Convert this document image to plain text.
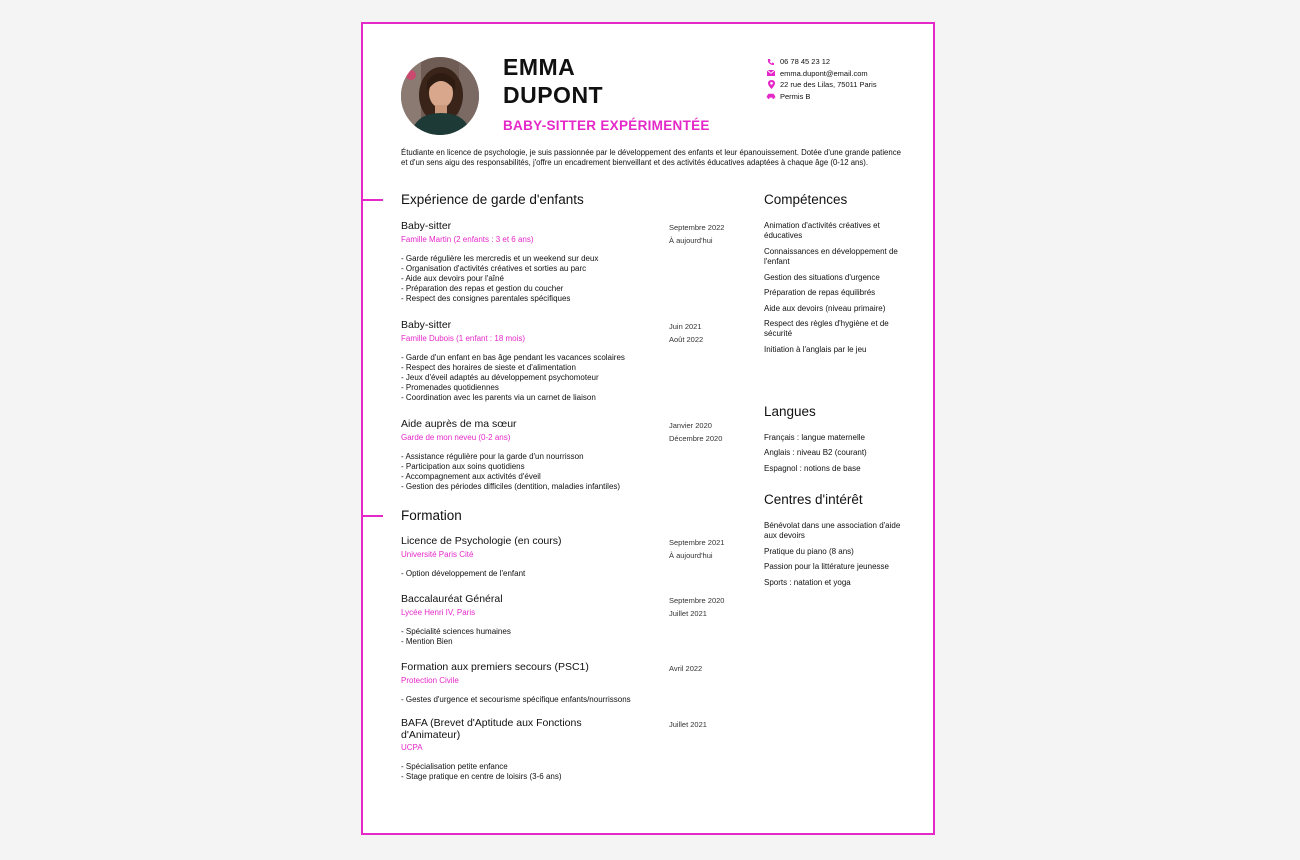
EMMA
DUPONT
BABY-SITTER EXPÉRIMENTÉE
06 78 45 23 12
emma.dupont@email.com
22 rue des Lilas, 75011 Paris
Permis B
Étudiante en licence de psychologie, je suis passionnée par le développement des enfants et leur épanouissement. Dotée d'une grande patience et d'un sens aigu des responsabilités, j'offre un encadrement bienveillant et des activités éducatives adaptées à chaque âge (0-12 ans).
Expérience de garde d'enfants
Baby-sitter
Famille Martin (2 enfants : 3 et 6 ans)
Septembre 2022
À aujourd'hui
- Garde régulière les mercredis et un weekend sur deux
- Organisation d'activités créatives et sorties au parc
- Aide aux devoirs pour l'aîné
- Préparation des repas et gestion du coucher
- Respect des consignes parentales spécifiques
Baby-sitter
Famille Dubois (1 enfant : 18 mois)
Juin 2021
Août 2022
- Garde d'un enfant en bas âge pendant les vacances scolaires
- Respect des horaires de sieste et d'alimentation
- Jeux d'éveil adaptés au développement psychomoteur
- Promenades quotidiennes
- Coordination avec les parents via un carnet de liaison
Aide auprès de ma sœur
Garde de mon neveu (0-2 ans)
Janvier 2020
Décembre 2020
- Assistance régulière pour la garde d'un nourrisson
- Participation aux soins quotidiens
- Accompagnement aux activités d'éveil
- Gestion des périodes difficiles (dentition, maladies infantiles)
Formation
Licence de Psychologie (en cours)
Université Paris Cité
Septembre 2021
À aujourd'hui
- Option développement de l'enfant
Baccalauréat Général
Lycée Henri IV, Paris
Septembre 2020
Juillet 2021
- Spécialité sciences humaines
- Mention Bien
Formation aux premiers secours (PSC1)
Protection Civile
Avril 2022
- Gestes d'urgence et secourisme spécifique enfants/nourrissons
BAFA (Brevet d'Aptitude aux Fonctions d'Animateur)
UCPA
Juillet 2021
- Spécialisation petite enfance
- Stage pratique en centre de loisirs (3-6 ans)
Compétences
Animation d'activités créatives et éducatives
Connaissances en développement de l'enfant
Gestion des situations d'urgence
Préparation de repas équilibrés
Aide aux devoirs (niveau primaire)
Respect des règles d'hygiène et de sécurité
Initiation à l'anglais par le jeu
Langues
Français : langue maternelle
Anglais : niveau B2 (courant)
Espagnol : notions de base
Centres d'intérêt
Bénévolat dans une association d'aide aux devoirs
Pratique du piano (8 ans)
Passion pour la littérature jeunesse
Sports : natation et yoga
